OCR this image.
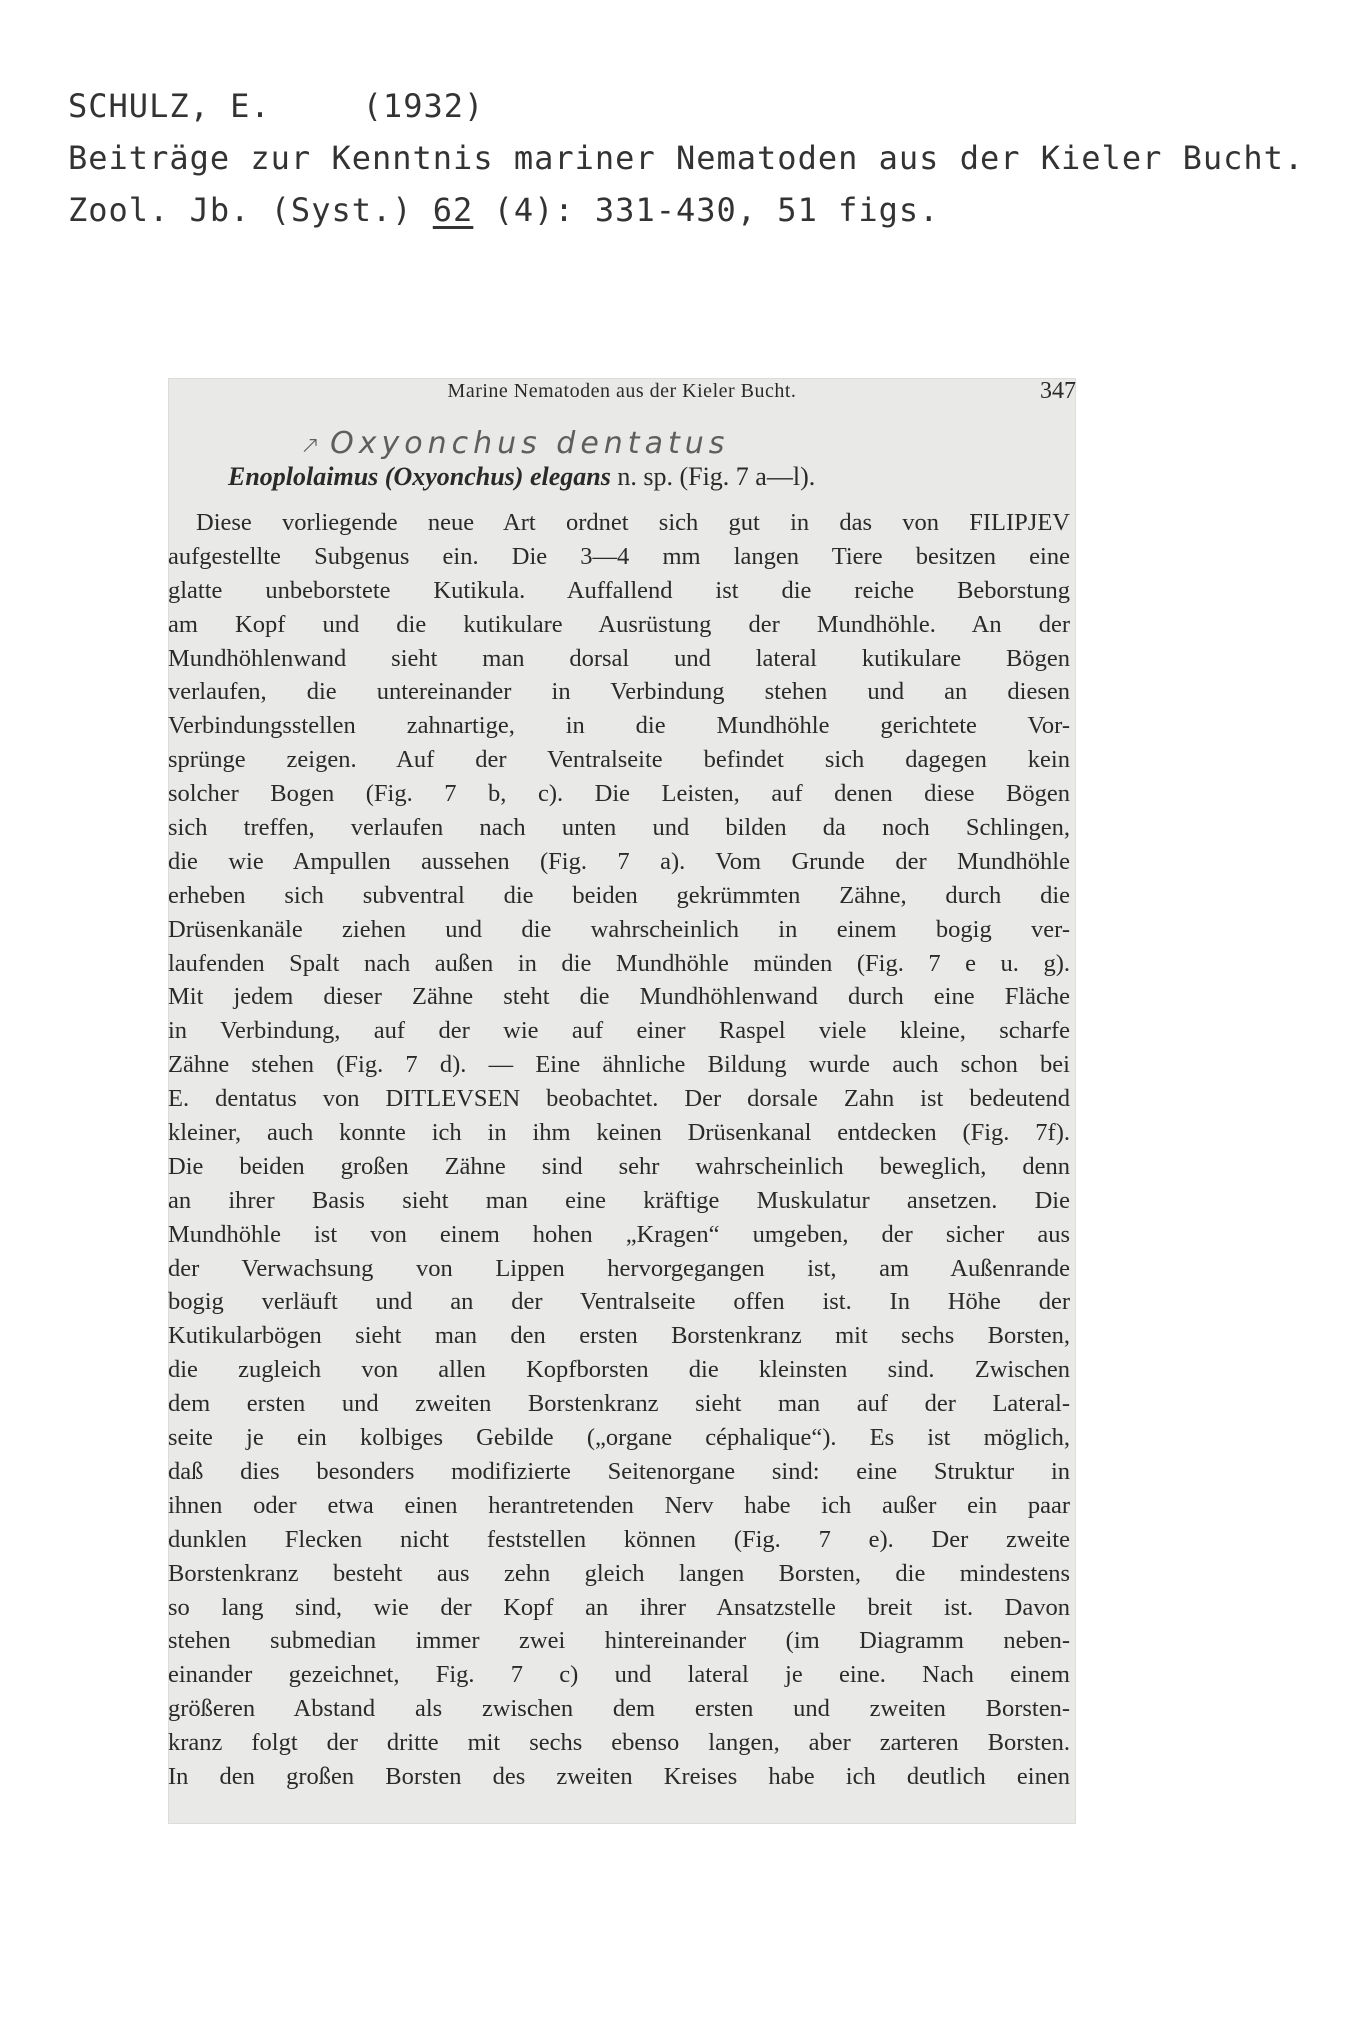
SCHULZ, E.	(1932)
Beiträge zur Kenntnis mariner Nematoden aus der Kieler Bucht.
Zool. Jb. (Syst.) 62 (4): 331-430, 51 figs.
Marine Nematoden aus der Kieler Bucht.	347
↗ Oxyonchus dentatus
Enoplolaimus (Oxyonchus) elegans n. sp. (Fig. 7 a—l).
Diese vorliegende neue Art ordnet sich gut in das von FILIPJEV
aufgestellte Subgenus ein. Die 3—4 mm langen Tiere besitzen eine
glatte unbeborstete Kutikula. Auffallend ist die reiche Beborstung
am Kopf und die kutikulare Ausrüstung der Mundhöhle. An der
Mundhöhlenwand sieht man dorsal und lateral kutikulare Bögen
verlaufen, die untereinander in Verbindung stehen und an diesen
Verbindungsstellen zahnartige, in die Mundhöhle gerichtete Vor-
sprünge zeigen. Auf der Ventralseite befindet sich dagegen kein
solcher Bogen (Fig. 7 b, c). Die Leisten, auf denen diese Bögen
sich treffen, verlaufen nach unten und bilden da noch Schlingen,
die wie Ampullen aussehen (Fig. 7 a). Vom Grunde der Mundhöhle
erheben sich subventral die beiden gekrümmten Zähne, durch die
Drüsenkanäle ziehen und die wahrscheinlich in einem bogig ver-
laufenden Spalt nach außen in die Mundhöhle münden (Fig. 7 e u. g).
Mit jedem dieser Zähne steht die Mundhöhlenwand durch eine Fläche
in Verbindung, auf der wie auf einer Raspel viele kleine, scharfe
Zähne stehen (Fig. 7 d). — Eine ähnliche Bildung wurde auch schon bei
E. dentatus von DITLEVSEN beobachtet. Der dorsale Zahn ist bedeutend
kleiner, auch konnte ich in ihm keinen Drüsenkanal entdecken (Fig. 7f).
Die beiden großen Zähne sind sehr wahrscheinlich beweglich, denn
an ihrer Basis sieht man eine kräftige Muskulatur ansetzen. Die
Mundhöhle ist von einem hohen „Kragen“ umgeben, der sicher aus
der Verwachsung von Lippen hervorgegangen ist, am Außenrande
bogig verläuft und an der Ventralseite offen ist. In Höhe der
Kutikularbögen sieht man den ersten Borstenkranz mit sechs Borsten,
die zugleich von allen Kopfborsten die kleinsten sind. Zwischen
dem ersten und zweiten Borstenkranz sieht man auf der Lateral-
seite je ein kolbiges Gebilde („organe céphalique“). Es ist möglich,
daß dies besonders modifizierte Seitenorgane sind: eine Struktur in
ihnen oder etwa einen herantretenden Nerv habe ich außer ein paar
dunklen Flecken nicht feststellen können (Fig. 7 e). Der zweite
Borstenkranz besteht aus zehn gleich langen Borsten, die mindestens
so lang sind, wie der Kopf an ihrer Ansatzstelle breit ist. Davon
stehen submedian immer zwei hintereinander (im Diagramm neben-
einander gezeichnet, Fig. 7 c) und lateral je eine. Nach einem
größeren Abstand als zwischen dem ersten und zweiten Borsten-
kranz folgt der dritte mit sechs ebenso langen, aber zarteren Borsten.
In den großen Borsten des zweiten Kreises habe ich deutlich einen
